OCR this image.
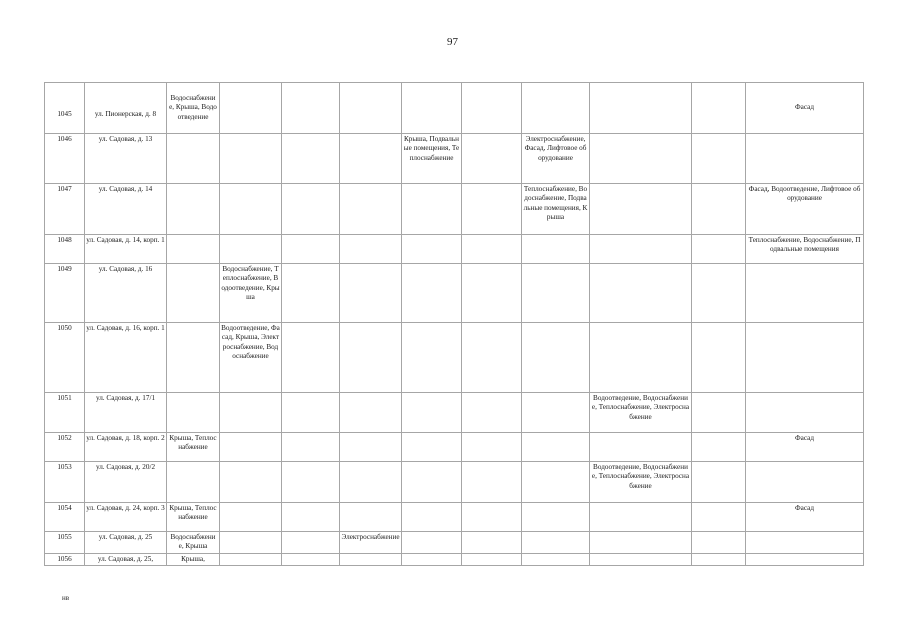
97
1045	ул. Пионерская, д. 8	Водоснабжение, Крыша, Водоотведение									Фасад
1046	ул. Садовая, д. 13					Крыша, Подвальные помещения, Теплоснабжение		Электроснабжение, Фасад, Лифтовое оборудование			
1047	ул. Садовая, д. 14							Теплоснабжение, Водоснабжение, Подвальные помещения, Крыша			Фасад, Водоотведение, Лифтовое оборудование
1048	ул. Садовая, д. 14, корп. 1										Теплоснабжение, Водоснабжение, Подвальные помещения
1049	ул. Садовая, д. 16		Водоснабжение, Теплоснабжение, Водоотведение, Крыша								
1050	ул. Садовая, д. 16, корп. 1		Водоотведение, Фасад, Крыша, Электроснабжение, Водоснабжение								
1051	ул. Садовая, д. 17/1								Водоотведение, Водоснабжение, Теплоснабжение, Электроснабжение		
1052	ул. Садовая, д. 18, корп. 2	Крыша, Теплоснабжение									Фасад
1053	ул. Садовая, д. 20/2								Водоотведение, Водоснабжение, Теплоснабжение, Электроснабжение		
1054	ул. Садовая, д. 24, корп. 3	Крыша, Теплоснабжение									Фасад
1055	ул. Садовая, д. 25	Водоснабжение, Крыша			Электроснабжение						
1056	ул. Садовая, д. 25,	Крыша,									
нв
